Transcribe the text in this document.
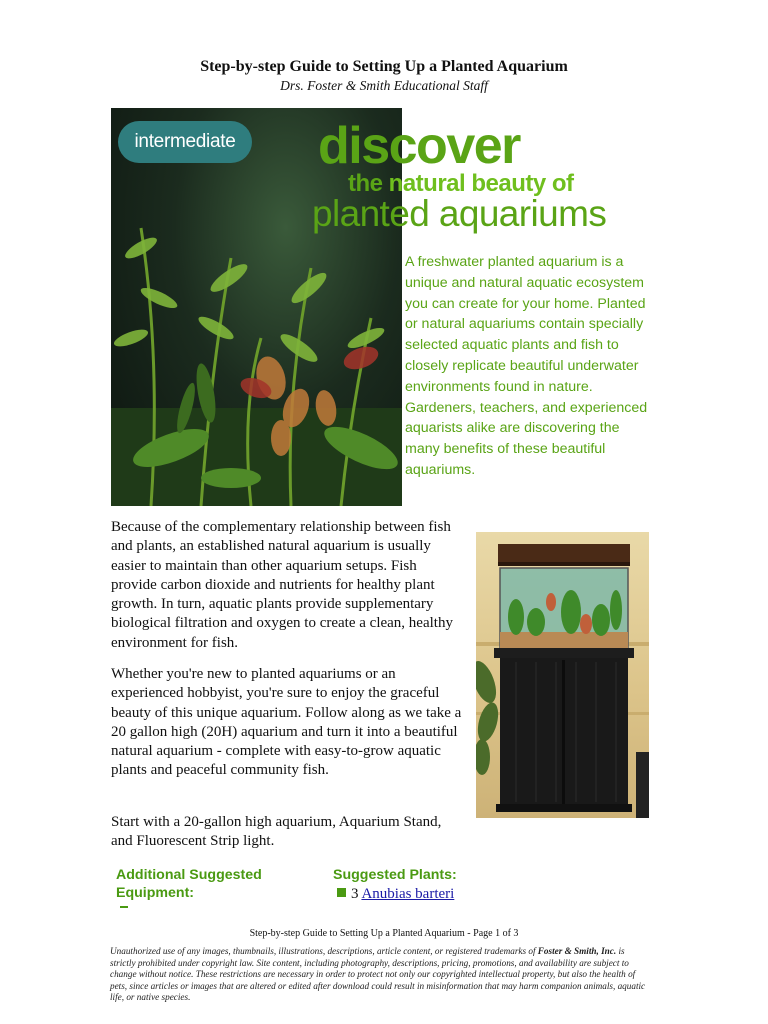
Step-by-step Guide to Setting Up a Planted Aquarium
Drs. Foster & Smith Educational Staff
intermediate	discover
the natural beauty of
planted aquariums
A freshwater planted aquarium is a unique and natural aquatic ecosystem you can create for your home. Planted or natural aquariums contain specially selected aquatic plants and fish to closely replicate beautiful underwater environments found in nature. Gardeners, teachers, and experienced aquarists alike are discovering the many benefits of these beautiful aquariums.
Because of the complementary relationship between fish and plants, an established natural aquarium is usually easier to maintain than other aquarium setups. Fish provide carbon dioxide and nutrients for healthy plant growth. In turn, aquatic plants provide supplementary biological filtration and oxygen to create a clean, healthy environment for fish.
Whether you're new to planted aquariums or an experienced hobbyist, you're sure to enjoy the graceful beauty of this unique aquarium. Follow along as we take a 20 gallon high (20H) aquarium and turn it into a beautiful natural aquarium - complete with easy-to-grow aquatic plants and peaceful community fish.
Start with a 20-gallon high aquarium, Aquarium Stand, and Fluorescent Strip light.
Additional Suggested Equipment:
Suggested Plants:
3 Anubias barteri
Step-by-step Guide to Setting Up a Planted Aquarium - Page 1 of 3
Unauthorized use of any images, thumbnails, illustrations, descriptions, article content, or registered trademarks of Foster & Smith, Inc. is strictly prohibited under copyright law. Site content, including photography, descriptions, pricing, promotions, and availability are subject to change without notice. These restrictions are necessary in order to protect not only our copyrighted intellectual property, but also the health of pets, since articles or images that are altered or edited after download could result in misinformation that may harm companion animals, aquatic life, or native species.
